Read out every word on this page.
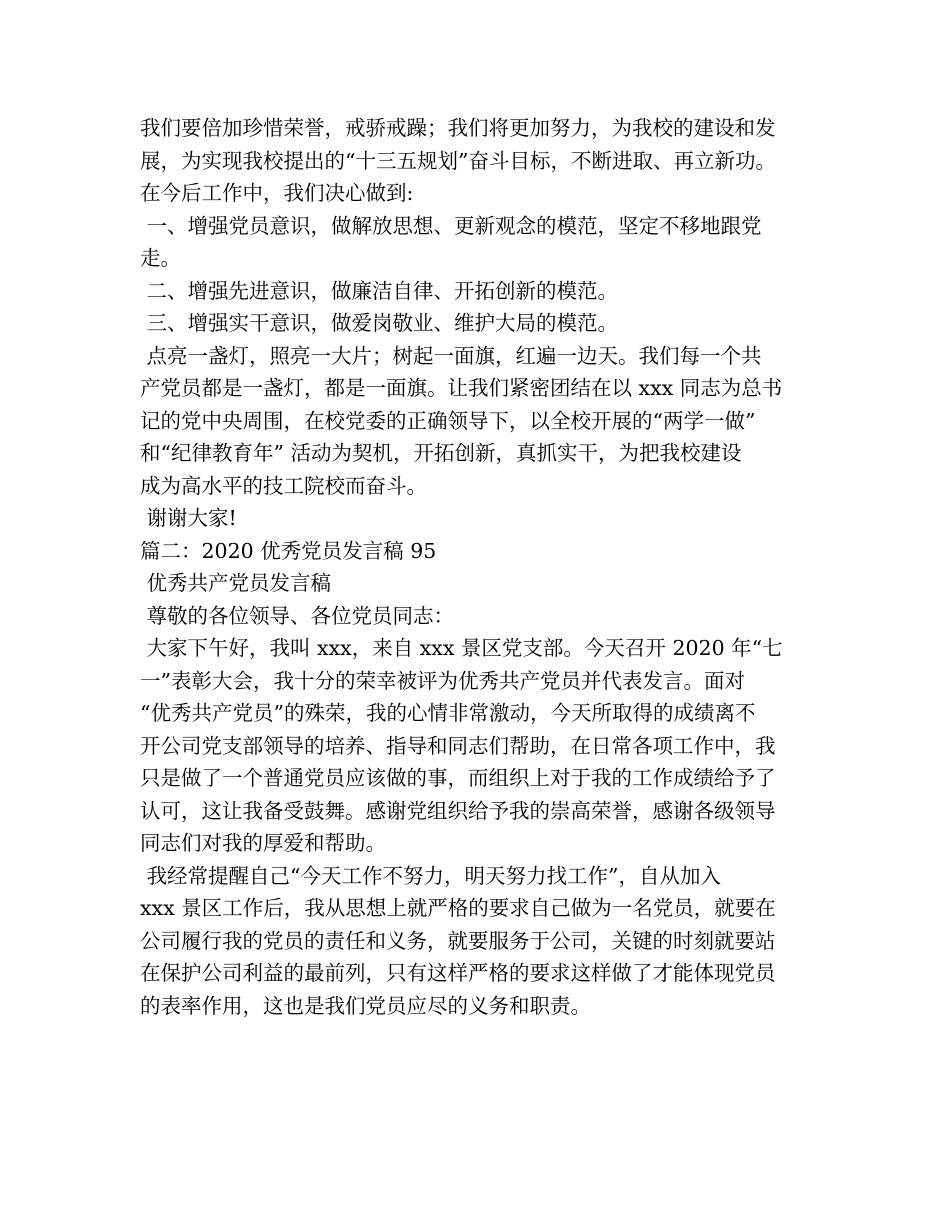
我们要倍加珍惜荣誉，戒骄戒躁；我们将更加努力，为我校的建设和发
展，为实现我校提出的“十三五规划”奋斗目标，不断进取、再立新功。
在今后工作中，我们决心做到:
一、增强党员意识，做解放思想、更新观念的模范，坚定不移地跟党
走。
二、增强先进意识，做廉洁自律、开拓创新的模范。
三、增强实干意识，做爱岗敬业、维护大局的模范。
点亮一盏灯，照亮一大片；树起一面旗，红遍一边天。我们每一个共
产党员都是一盏灯，都是一面旗。让我们紧密团结在以 xxx 同志为总书
记的党中央周围，在校党委的正确领导下，以全校开展的“两学一做”
和“纪律教育年” 活动为契机，开拓创新，真抓实干，为把我校建设
成为高水平的技工院校而奋斗。
谢谢大家!
篇二：2020 优秀党员发言稿 95
优秀共产党员发言稿
尊敬的各位领导、各位党员同志：
大家下午好，我叫 xxx，来自 xxx 景区党支部。今天召开 2020 年“七
一”表彰大会，我十分的荣幸被评为优秀共产党员并代表发言。面对
“优秀共产党员”的殊荣，我的心情非常激动，今天所取得的成绩离不
开公司党支部领导的培养、指导和同志们帮助，在日常各项工作中，我
只是做了一个普通党员应该做的事，而组织上对于我的工作成绩给予了
认可，这让我备受鼓舞。感谢党组织给予我的崇高荣誉，感谢各级领导
同志们对我的厚爱和帮助。
我经常提醒自己“今天工作不努力，明天努力找工作”，自从加入
xxx 景区工作后，我从思想上就严格的要求自己做为一名党员，就要在
公司履行我的党员的责任和义务，就要服务于公司，关键的时刻就要站
在保护公司利益的最前列，只有这样严格的要求这样做了才能体现党员
的表率作用，这也是我们党员应尽的义务和职责。
